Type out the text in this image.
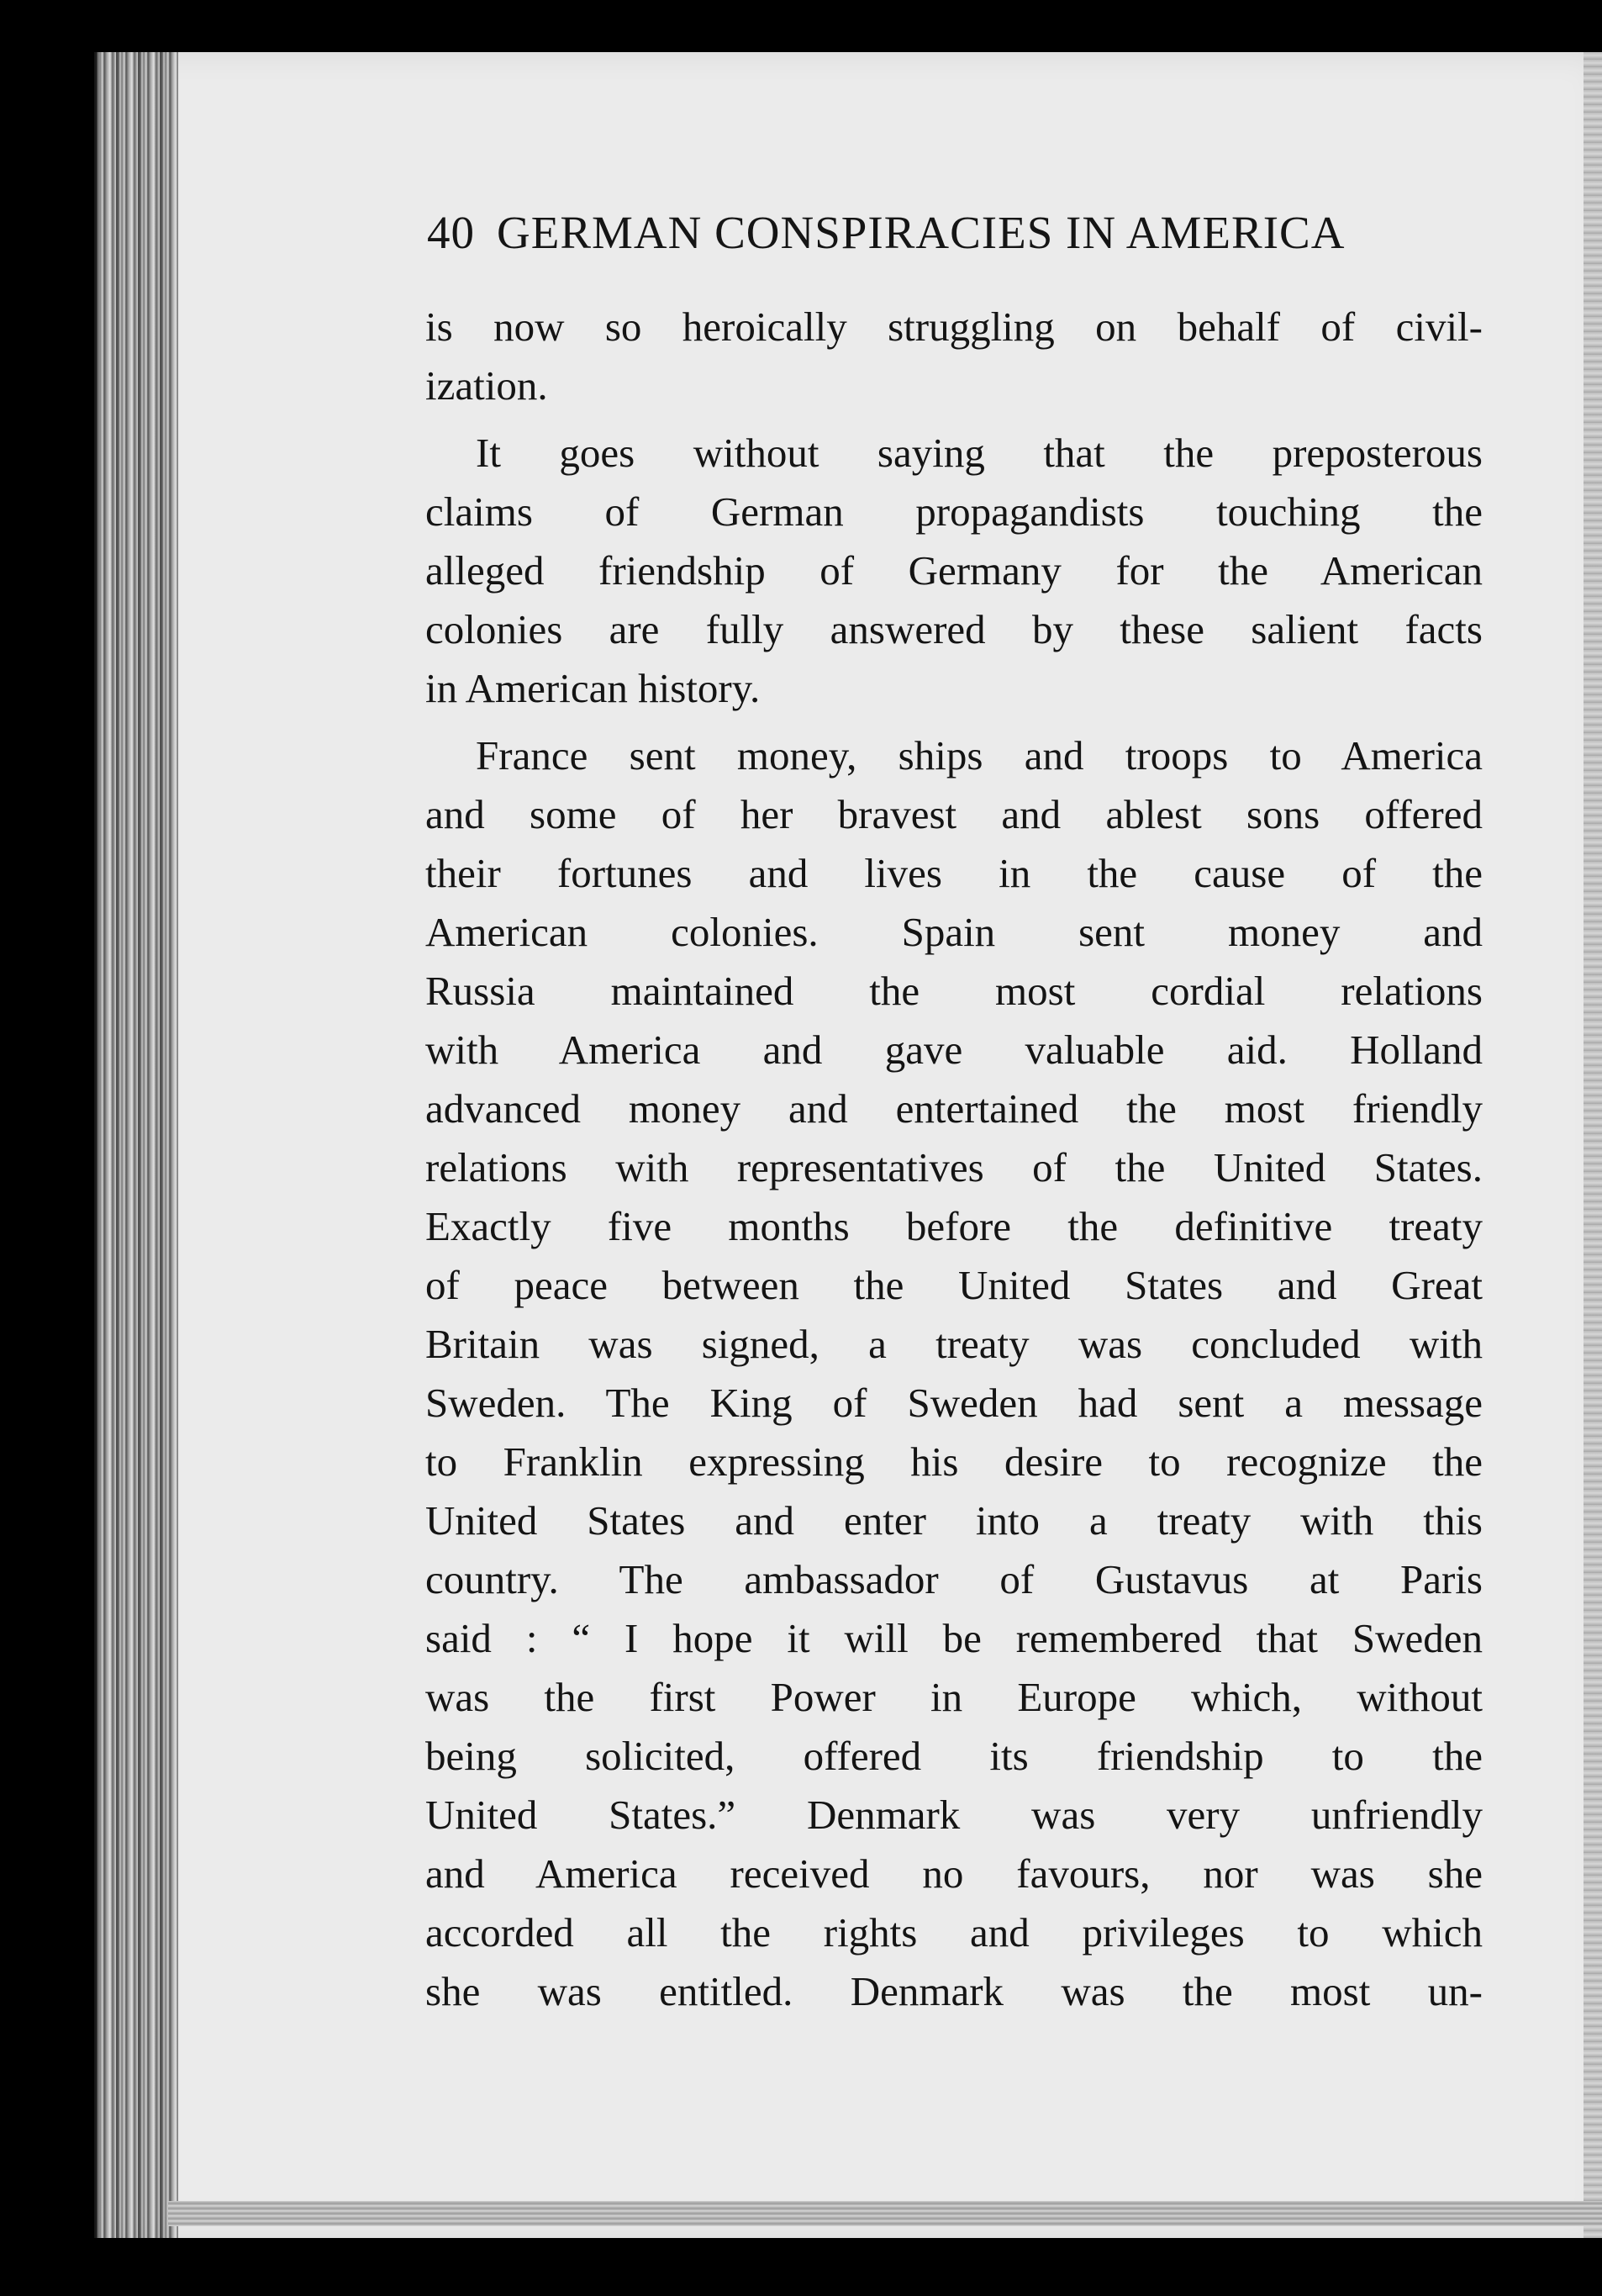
40 GERMAN CONSPIRACIES IN AMERICA

is now so heroically struggling on behalf of civil-
ization.

It goes without saying that the preposterous
claims of German propagandists touching the
alleged friendship of Germany for the American
colonies are fully answered by these salient facts
in American history.

France sent money, ships and troops to America
and some of her bravest and ablest sons offered
their fortunes and lives in the cause of the
American colonies. Spain sent money and
Russia maintained the most cordial relations
with America and gave valuable aid. Holland
advanced money and entertained the most friendly
relations with representatives of the United States.
Exactly five months before the definitive treaty
of peace between the United States and Great
Britain was signed, a treaty was concluded with
Sweden. The King of Sweden had sent a message
to Franklin expressing his desire to recognize the
United States and enter into a treaty with this
country. The ambassador of Gustavus at Paris
said : “ I hope it will be remembered that Sweden
was the first Power in Europe which, without
being solicited, offered its friendship to the
United States.” Denmark was very unfriendly
and America received no favours, nor was she
accorded all the rights and privileges to which
she was entitled. Denmark was the most un-
